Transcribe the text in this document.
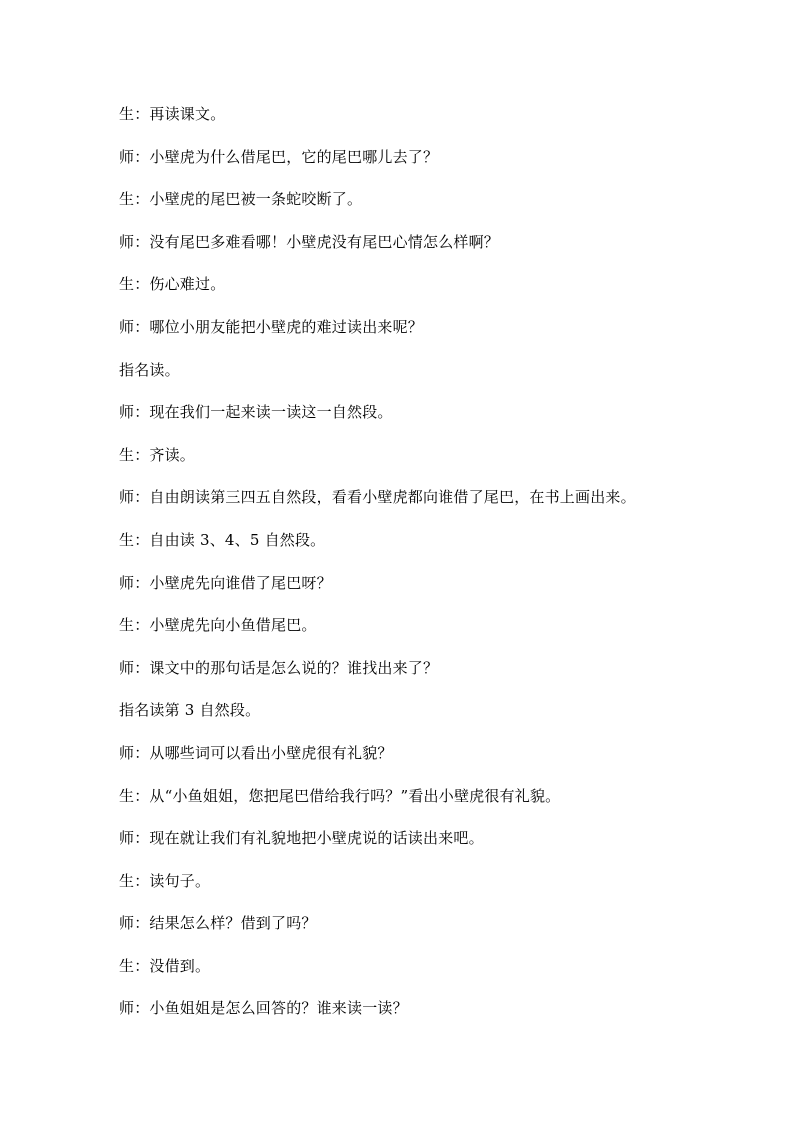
生：再读课文。
师：小壁虎为什么借尾巴，它的尾巴哪儿去了？
生：小壁虎的尾巴被一条蛇咬断了。
师：没有尾巴多难看哪！小壁虎没有尾巴心情怎么样啊？
生：伤心难过。
师：哪位小朋友能把小壁虎的难过读出来呢？
指名读。
师：现在我们一起来读一读这一自然段。
生：齐读。
师：自由朗读第三四五自然段，看看小壁虎都向谁借了尾巴，在书上画出来。
生：自由读 3、4、5 自然段。
师：小壁虎先向谁借了尾巴呀？
生：小壁虎先向小鱼借尾巴。
师：课文中的那句话是怎么说的？谁找出来了？
指名读第 3 自然段。
师：从哪些词可以看出小壁虎很有礼貌？
生：从“小鱼姐姐，您把尾巴借给我行吗？”看出小壁虎很有礼貌。
师：现在就让我们有礼貌地把小壁虎说的话读出来吧。
生：读句子。
师：结果怎么样？借到了吗？
生：没借到。
师：小鱼姐姐是怎么回答的？谁来读一读？
